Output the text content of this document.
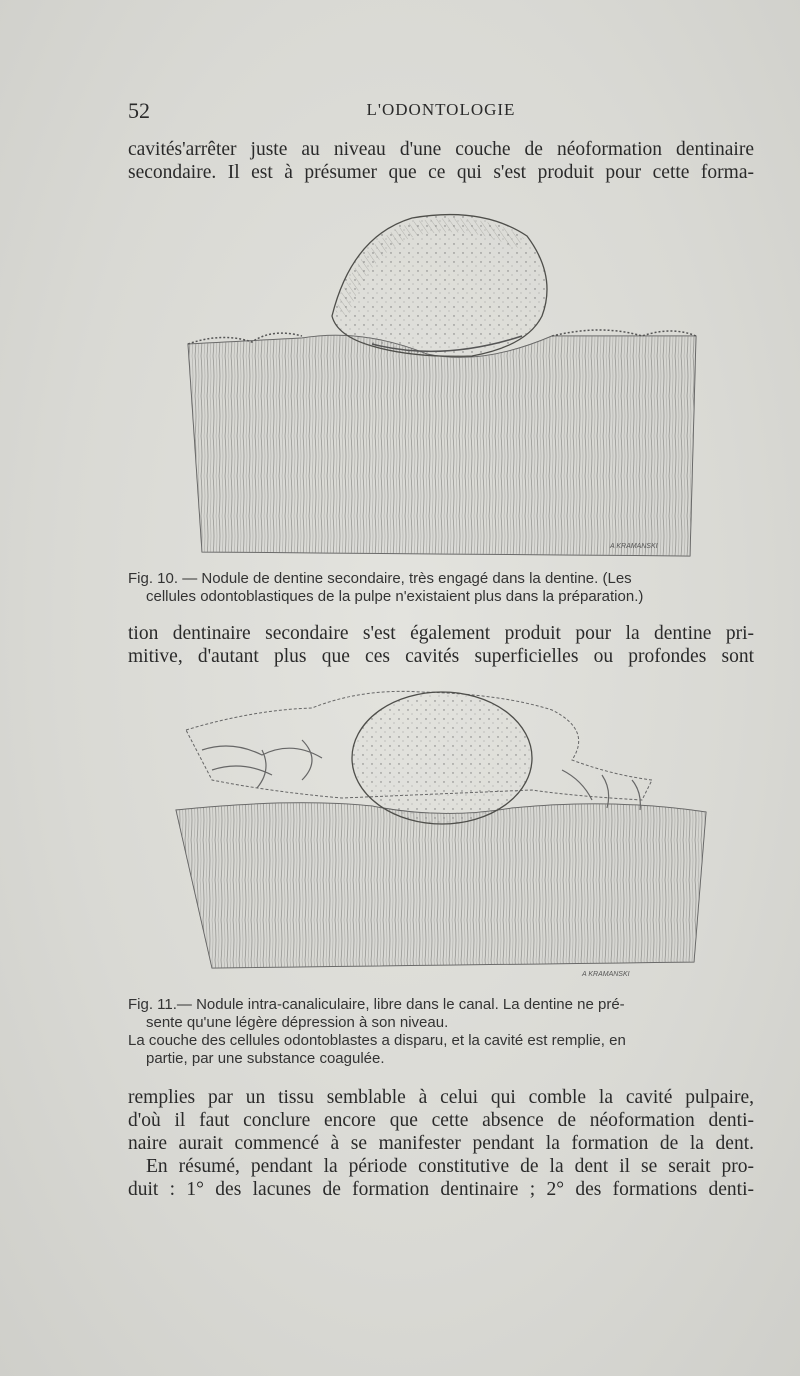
52	L'ODONTOLOGIE
cavités'arrêter juste au niveau d'une couche de néoformation dentinaire
secondaire. Il est à présumer que ce qui s'est produit pour cette forma-
A KRAMANSKI
Fig. 10. — Nodule de dentine secondaire, très engagé dans la dentine. (Les
cellules odontoblastiques de la pulpe n'existaient plus dans la préparation.)
tion dentinaire secondaire s'est également produit pour la dentine pri-
mitive, d'autant plus que ces cavités superficielles ou profondes sont
A KRAMANSKI
Fig. 11.— Nodule intra-canaliculaire, libre dans le canal. La dentine ne pré-
sente qu'une légère dépression à son niveau.
La couche des cellules odontoblastes a disparu, et la cavité est remplie, en
partie, par une substance coagulée.
remplies par un tissu semblable à celui qui comble la cavité pulpaire,
d'où il faut conclure encore que cette absence de néoformation denti-
naire aurait commencé à se manifester pendant la formation de la dent.
En résumé, pendant la période constitutive de la dent il se serait pro-
duit : 1° des lacunes de formation dentinaire ; 2° des formations denti-
